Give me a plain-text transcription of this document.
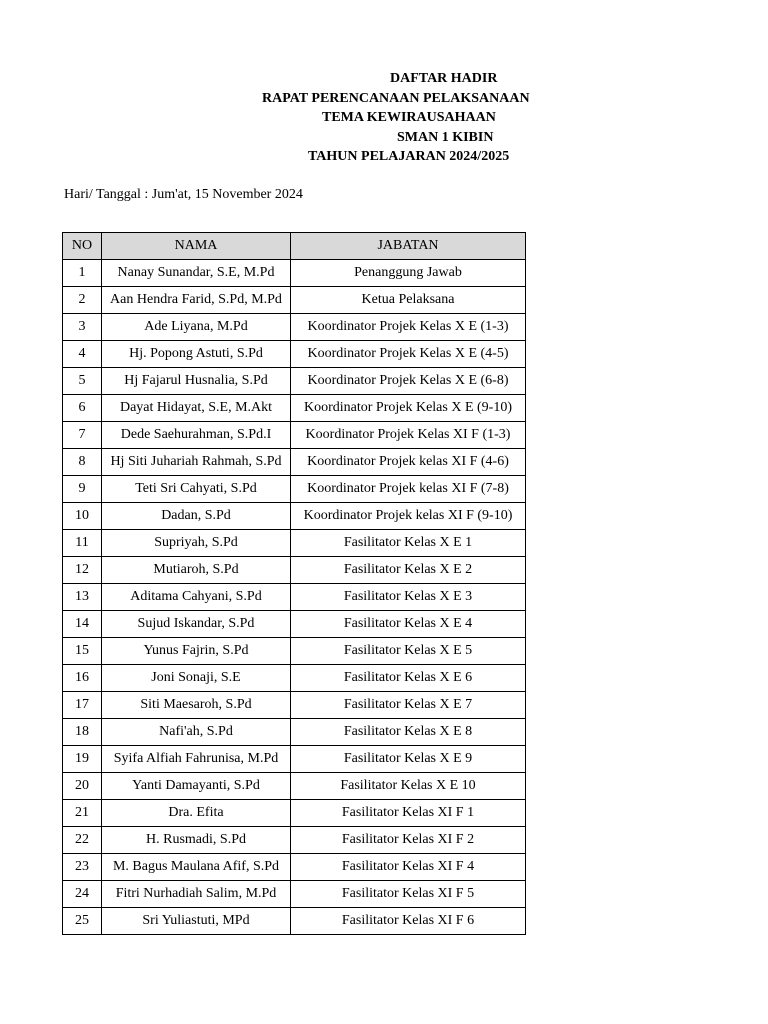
DAFTAR HADIR
RAPAT PERENCANAAN PELAKSANAAN
TEMA KEWIRAUSAHAAN
SMAN 1 KIBIN
TAHUN PELAJARAN 2024/2025
Hari/ Tanggal : Jum'at, 15 November 2024
NO	NAMA	JABATAN
1	Nanay Sunandar, S.E, M.Pd	Penanggung Jawab
2	Aan Hendra Farid, S.Pd, M.Pd	Ketua Pelaksana
3	Ade Liyana, M.Pd	Koordinator Projek Kelas X E (1-3)
4	Hj. Popong Astuti, S.Pd	Koordinator Projek Kelas X E (4-5)
5	Hj Fajarul Husnalia, S.Pd	Koordinator Projek Kelas X E (6-8)
6	Dayat Hidayat, S.E, M.Akt	Koordinator Projek Kelas X E (9-10)
7	Dede Saehurahman, S.Pd.I	Koordinator Projek Kelas XI F (1-3)
8	Hj Siti Juhariah Rahmah, S.Pd	Koordinator Projek kelas XI F (4-6)
9	Teti Sri Cahyati, S.Pd	Koordinator Projek kelas XI F (7-8)
10	Dadan, S.Pd	Koordinator Projek kelas XI F (9-10)
11	Supriyah, S.Pd	Fasilitator Kelas X E 1
12	Mutiaroh, S.Pd	Fasilitator Kelas X E 2
13	Aditama Cahyani, S.Pd	Fasilitator Kelas X E 3
14	Sujud Iskandar, S.Pd	Fasilitator Kelas X E 4
15	Yunus Fajrin, S.Pd	Fasilitator Kelas X E 5
16	Joni Sonaji, S.E	Fasilitator Kelas X E 6
17	Siti Maesaroh, S.Pd	Fasilitator Kelas X E 7
18	Nafi'ah, S.Pd	Fasilitator Kelas X E 8
19	Syifa Alfiah Fahrunisa, M.Pd	Fasilitator Kelas X E 9
20	Yanti Damayanti, S.Pd	Fasilitator Kelas X E 10
21	Dra. Efita	Fasilitator Kelas XI F 1
22	H. Rusmadi, S.Pd	Fasilitator Kelas XI F 2
23	M. Bagus Maulana Afif, S.Pd	Fasilitator Kelas XI F 4
24	Fitri Nurhadiah Salim, M.Pd	Fasilitator Kelas XI F 5
25	Sri Yuliastuti, MPd	Fasilitator Kelas XI F 6
